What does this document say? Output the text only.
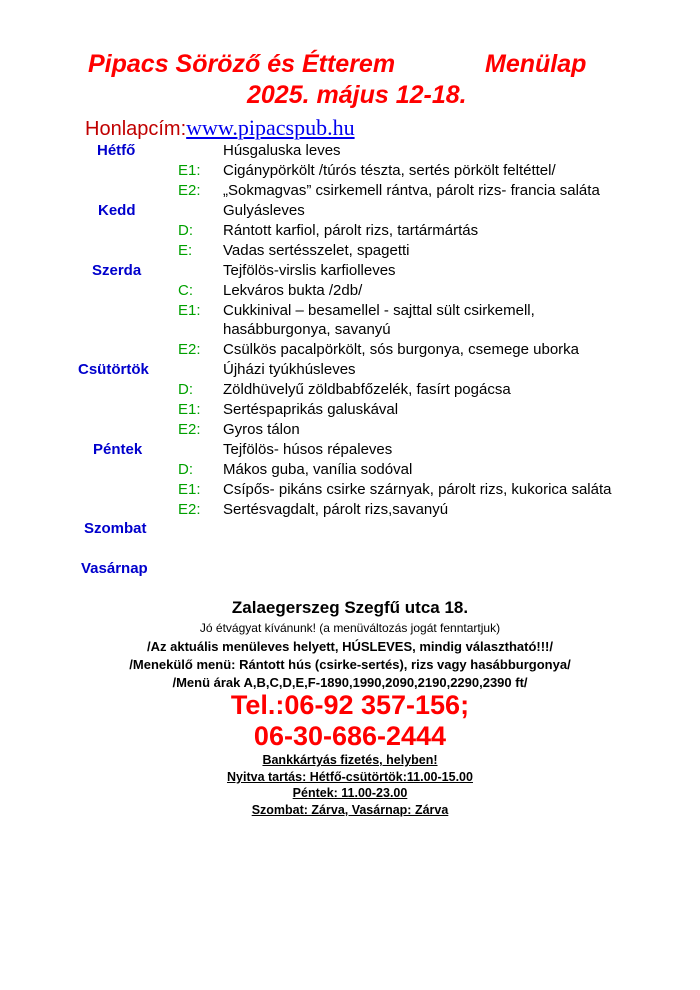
Pipacs Söröző és Étterem	Menülap
2025. május 12-18.
Honlapcím:www.pipacspub.hu
Hétfő
Kedd
Szerda
Csütörtök
Péntek
Szombat
Vasárnap
Húsgaluska leves
E1: Cigánypörkölt /túrós tészta, sertés pörkölt feltéttel/
E2: „Sokmagvas” csirkemell rántva, párolt rizs- francia saláta
Gulyásleves
D: Rántott karfiol, párolt rizs, tartármártás
E: Vadas sertésszelet, spagetti
Tejfölös-virslis karfiolleves
C: Lekváros bukta /2db/
E1: Cukkinival – besamellel - sajttal sült csirkemell,
hasábburgonya, savanyú
E2: Csülkös pacalpörkölt, sós burgonya, csemege uborka
Újházi tyúkhúsleves
D: Zöldhüvelyű zöldbabfőzelék, fasírt pogácsa
E1: Sertéspaprikás galuskával
E2: Gyros tálon
Tejfölös- húsos répaleves
D: Mákos guba, vanília sodóval
E1: Csípős- pikáns csirke szárnyak, párolt rizs, kukorica saláta
E2: Sertésvagdalt, párolt rizs,savanyú
Zalaegerszeg Szegfű utca 18.
Jó étvágyat kívánunk! (a menüváltozás jogát fenntartjuk)
/Az aktuális menüleves helyett, HÚSLEVES, mindig választható!!!/
/Menekülő menü: Rántott hús (csirke-sertés), rizs vagy hasábburgonya/
/Menü árak A,B,C,D,E,F-1890,1990,2090,2190,2290,2390 ft/
Tel.:06-92 357-156;
06-30-686-2444
Bankkártyás fizetés, helyben!
Nyitva tartás: Hétfő-csütörtök:11.00-15.00
Péntek: 11.00-23.00
Szombat: Zárva, Vasárnap: Zárva
